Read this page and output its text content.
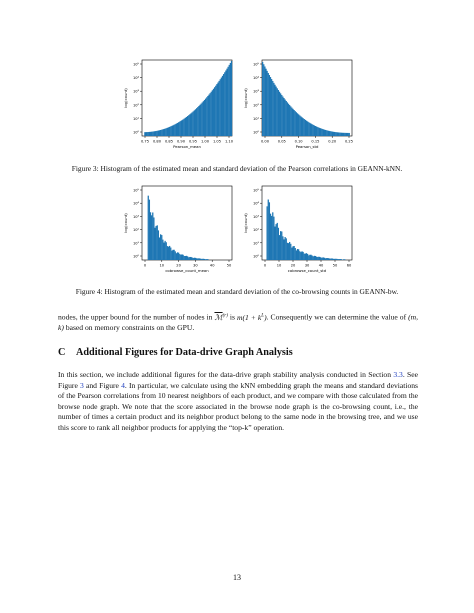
10⁵
10⁴
10³
10²
10¹
10⁰
0.75 0.80 0.85 0.90 0.95 1.00 1.05 1.10
Pearson_mean
log(count)
10⁵
10⁴
10³
10²
10¹
10⁰
0.00 0.05 0.10 0.15 0.20 0.25
Pearson_std
log(count)
Figure 3: Histogram of the estimated mean and standard deviation of the Pearson correlations in GEANN-kNN.
10⁵
10⁴
10³
10²
10¹
10⁰
0	10	20	30	40	50
cobrowse_count_mean
log(count)
10⁵
10⁴
10³
10²
10¹
10⁰
0	10	20	30	40	50	60
cobrowse_count_std
log(count)
Figure 4: Histogram of the estimated mean and standard deviation of the co-browsing counts in GEANN-bw.
nodes, the upper bound for the number of nodes in ℳ$^{(r)}$ is $m(1 + k^L)$. Consequently we can determine the value of (m, k) based on memory constraints on the GPU.
C Additional Figures for Data-drive Graph Analysis
In this section, we include additional figures for the data-drive graph stability analysis conducted in Section 3.3. See Figure 3 and Figure 4. In particular, we calculate using the kNN embedding graph the means and standard deviations of the Pearson correlations from 10 nearest neighbors of each product, and we compare with those calculated from the browse node graph. We note that the score associated in the browse node graph is the co-browsing count, i.e., the number of times a certain product and its neighbor product belong to the same node in the browsing tree, and we use this score to rank all neighbor products for applying the “top-k” operation.
13
